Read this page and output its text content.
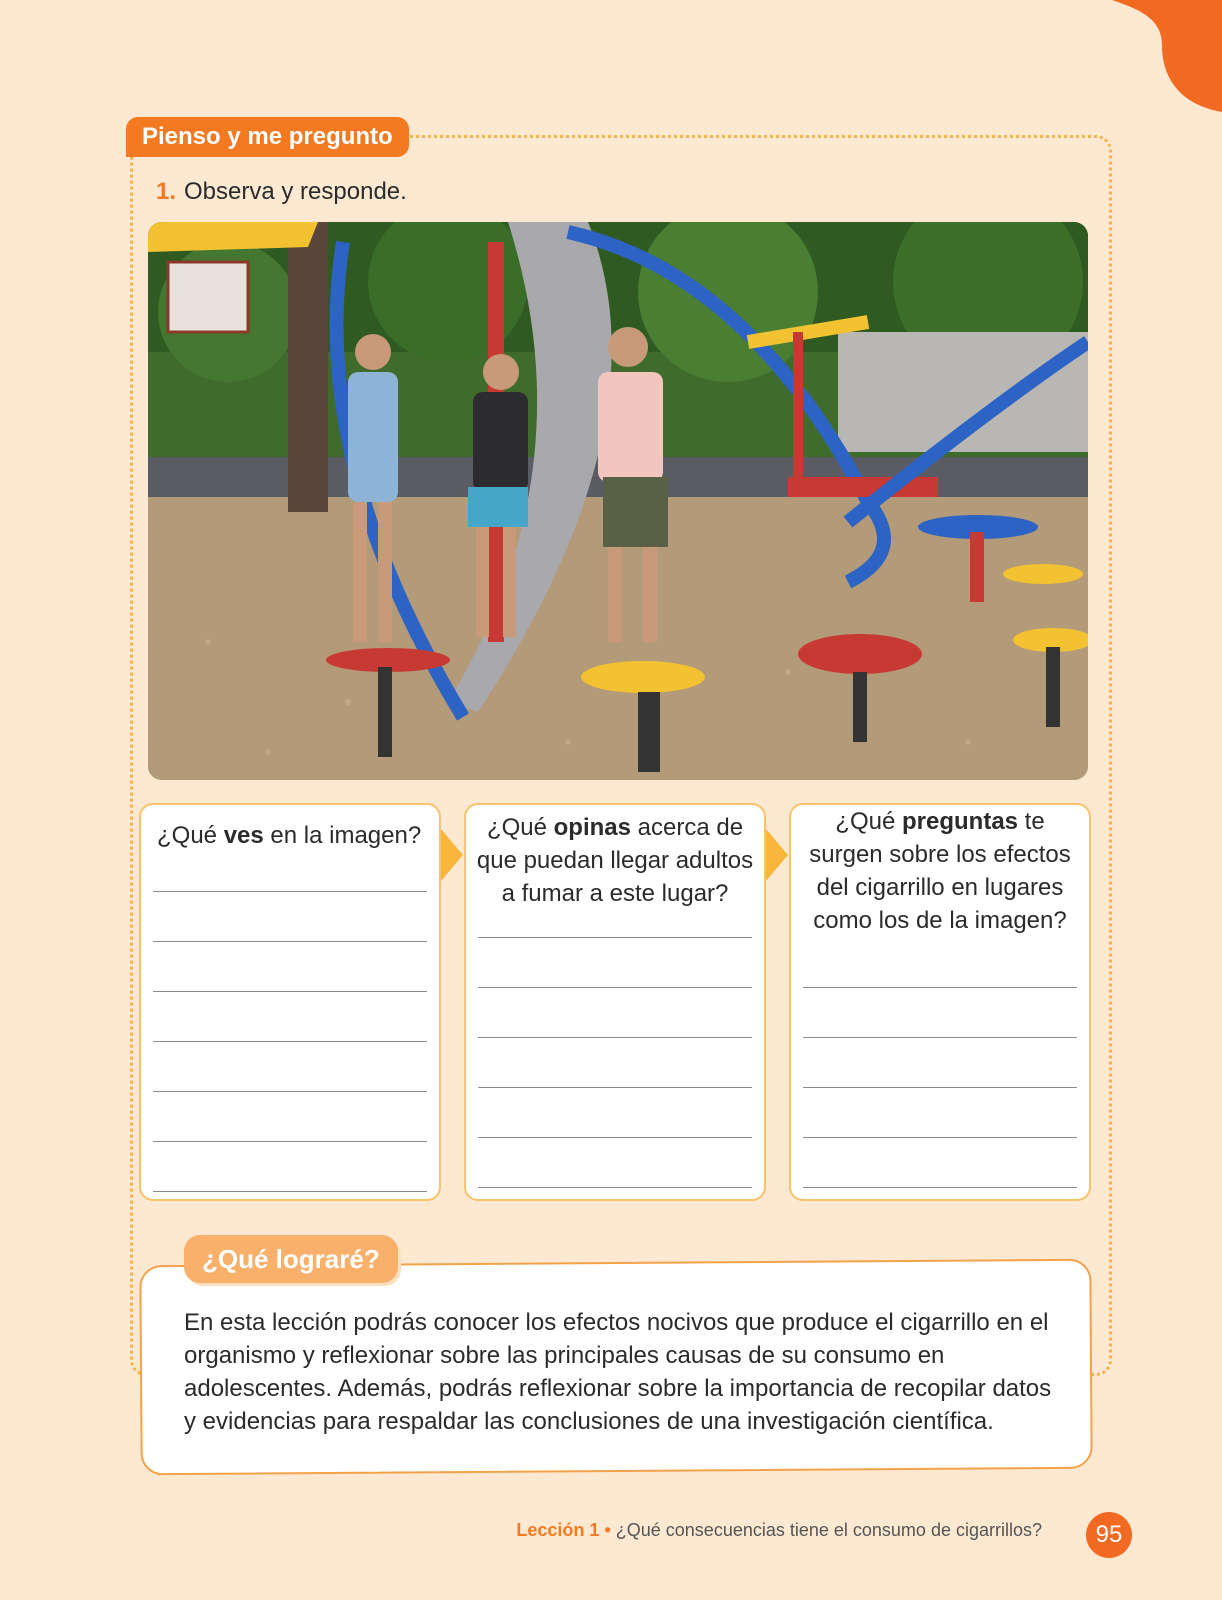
Pienso y me pregunto
1. Observa y responde.
¿Qué ves en la imagen?	¿Qué opinas acerca de que puedan llegar adultos a fumar a este lugar?
¿Qué preguntas te surgen sobre los efectos del cigarrillo en lugares como los de la imagen?
¿Qué lograré?
En esta lección podrás conocer los efectos nocivos que produce el cigarrillo en el organismo y reflexionar sobre las principales causas de su consumo en adolescentes. Además, podrás reflexionar sobre la importancia de recopilar datos y evidencias para respaldar las conclusiones de una investigación científica.
Lección 1 • ¿Qué consecuencias tiene el consumo de cigarrillos?	95
